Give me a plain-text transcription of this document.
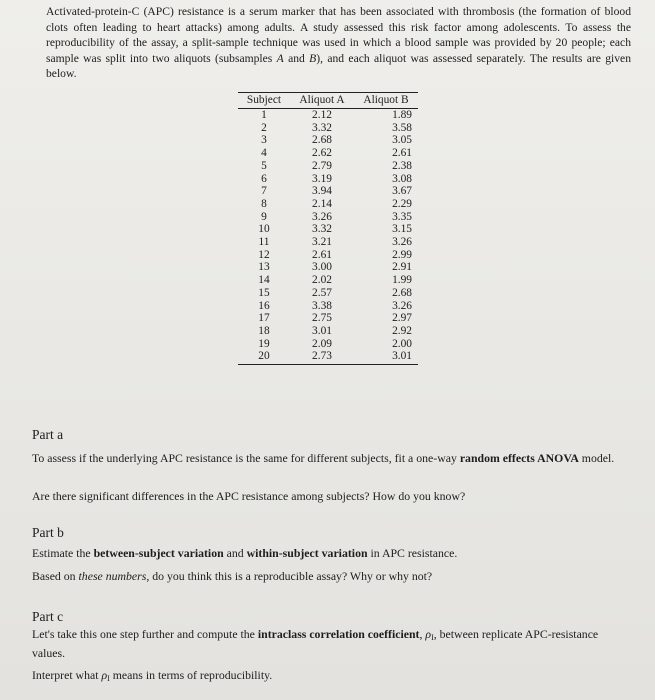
Activated-protein-C (APC) resistance is a serum marker that has been associated with thrombosis (the formation of blood clots often leading to heart attacks) among adults. A study assessed this risk factor among adolescents. To assess the reproducibility of the assay, a split-sample technique was used in which a blood sample was provided by 20 people; each sample was split into two aliquots (subsamples A and B), and each aliquot was assessed separately. The results are given below.
Subject	Aliquot A	Aliquot B
1	2.12	1.89
2	3.32	3.58
3	2.68	3.05
4	2.62	2.61
5	2.79	2.38
6	3.19	3.08
7	3.94	3.67
8	2.14	2.29
9	3.26	3.35
10	3.32	3.15
11	3.21	3.26
12	2.61	2.99
13	3.00	2.91
14	2.02	1.99
15	2.57	2.68
16	3.38	3.26
17	2.75	2.97
18	3.01	2.92
19	2.09	2.00
20	2.73	3.01
Part a
To assess if the underlying APC resistance is the same for different subjects, fit a one-way random effects ANOVA model.
Are there significant differences in the APC resistance among subjects? How do you know?
Part b
Estimate the between-subject variation and within-subject variation in APC resistance.
Based on these numbers, do you think this is a reproducible assay? Why or why not?
Part c
Let's take this one step further and compute the intraclass correlation coefficient, $\rho_I$, between replicate APC-resistance values.
Interpret what $\rho_I$ means in terms of reproducibility.
